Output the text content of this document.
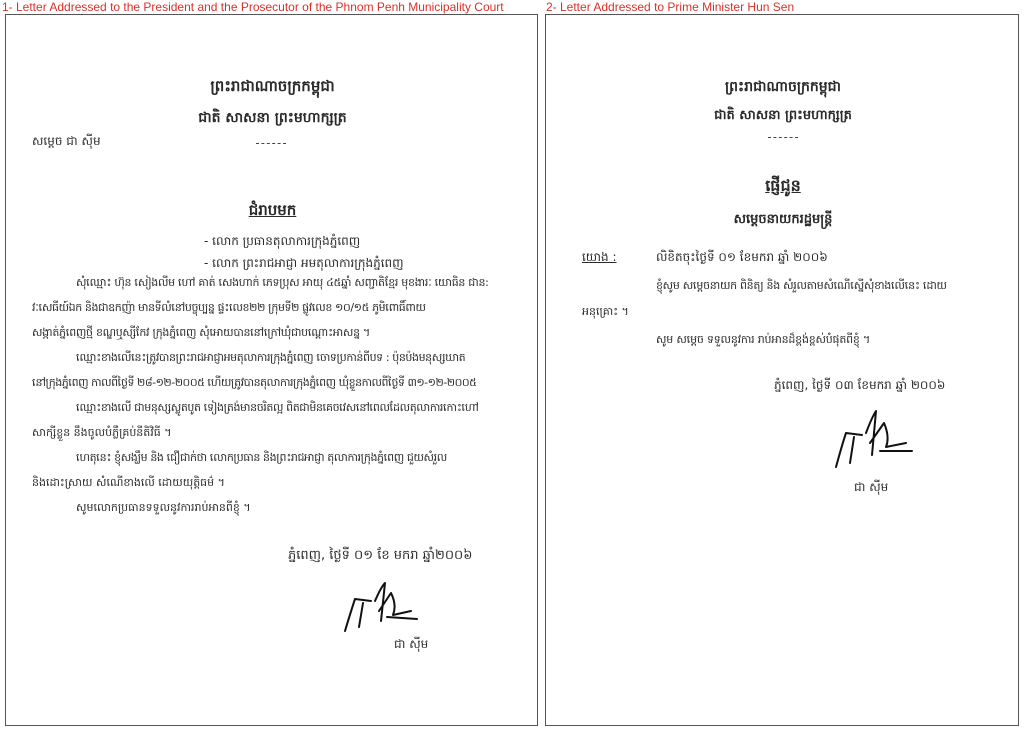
1- Letter Addressed to the President and the Prosecutor of the Phnom Penh Municipality Court	2- Letter Addressed to Prime Minister Hun Sen
ព្រះរាជាណាចក្រកម្ពុជា
ជាតិ សាសនា ព្រះមហាក្សត្រ
សម្តេច ជា ស៊ីម
ជំរាបមក
- លោក ប្រធានតុលាការក្រុងភ្នំពេញ
- លោក ព្រះរាជអាជ្ញា អមតុលាការក្រុងភ្នំពេញ
សុំឈ្មោះ ហ៊ុន សៀងលីម ហៅ គាត់ សេងហាក់ ភេទប្រុស អាយុ ៤៥ឆ្នាំ សញ្ជាតិខ្មែរ មុខងារៈ យោធិន ជាន:
វៈសេធីយ៍ឯក និងជាឧកញ៉ា មានទីលំនៅបច្ចុប្បន្ន ផ្ទះលេខ២២ ក្រុមទី២ ផ្លូវលេខ ១០/១៥ ភូមិពោធិ៍ពាយ
សង្កាត់ភ្នំពេញថ្មី ខណ្ឌឬស្សីកែវ ក្រុងភ្នំពេញ សុំអោយបាននៅក្រៅឃុំជាបណ្តោះអាសន្ន ។
ឈ្មោះខាងលើនេះត្រូវបានព្រះរាជអាជ្ញាអមតុលាការក្រុងភ្នំពេញ ចោទប្រកាន់ពីបទ : ប៉ុនប៉ងមនុស្សឃាត
នៅក្រុងភ្នំពេញ កាលពីថ្ងៃទី ២៨-១២-២០០៥ ហើយត្រូវបានតុលាការក្រុងភ្នំពេញ ឃុំខ្លួនកាលពីថ្ងៃទី ៣១-១២-២០០៥
ឈ្មោះខាងលើ ជាមនុស្សស្លូតបូត ទៀងត្រង់មានចរិតល្អ ពិតជាមិនគេចវេសនៅពេលដែលតុលាការកោះហៅ
សាក្សីខ្លួន នឹងចូលបំភ្លឺគ្រប់នីតិវិធី ។
ហេតុនេះ ខ្ញុំសង្ឃឹម និង ជឿជាក់ថា លោកប្រធាន និងព្រះរាជអាជ្ញា តុលាការក្រុងភ្នំពេញ ជួយសំរួល
និងដោះស្រាយ សំណើខាងលើ ដោយយុត្តិធម៌ ។
សូមលោកប្រធានទទួលនូវការរាប់អានពីខ្ញុំ ។
ភ្នំពេញ, ថ្ងៃទី ០១ ខែ មករា ឆ្នាំ២០០៦
ជា ស៊ីម
ព្រះរាជាណាចក្រកម្ពុជា
ជាតិ សាសនា ព្រះមហាក្សត្រ
ផ្ញើជូន
សម្តេចនាយករដ្ឋមន្ត្រី
យោង :	លិខិតចុះថ្ងៃទី ០១ ខែមករា ឆ្នាំ ២០០៦
ខ្ញុំសូម សម្តេចនាយក ពិនិត្យ និង សំរួលតាមសំណើស្នើសុំខាងលើនេះ ដោយ
អនុគ្រោះ ។
សូម សម្តេច ទទួលនូវការ រាប់អានដ៏ខ្ពង់ខ្ពស់បំផុតពីខ្ញុំ ។
ភ្នំពេញ, ថ្ងៃទី ០៣ ខែមករា ឆ្នាំ ២០០៦
ជា ស៊ីម
